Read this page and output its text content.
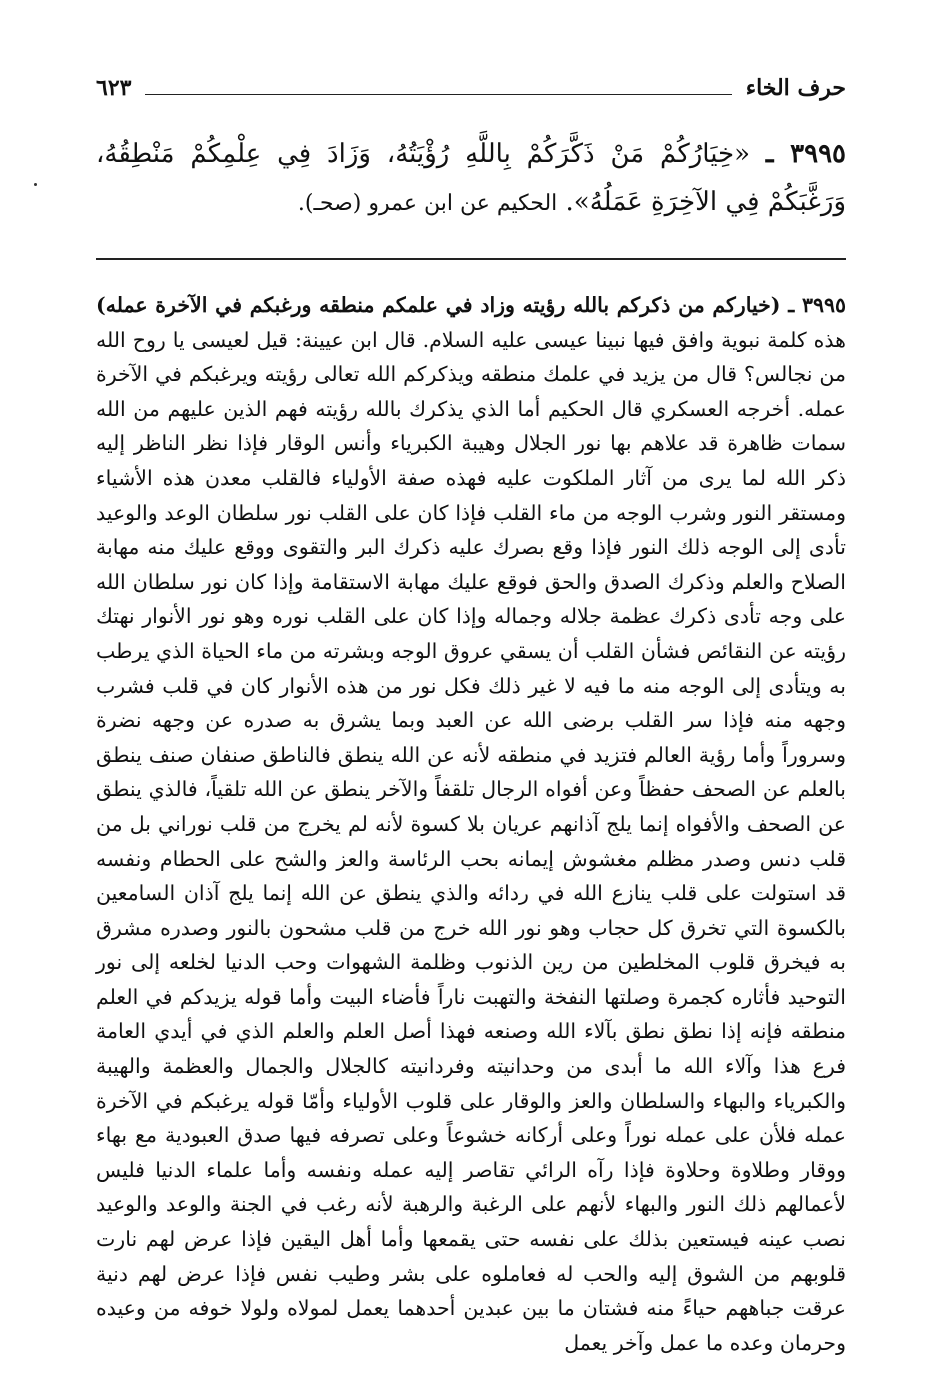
حرف الخاء
٦٢٣
٣٩٩٥ ـ «خِيَارُكُمْ مَنْ ذَكَّرَكُمْ بِاللَّهِ رُؤْيَتُهُ، وَزَادَ فِي عِلْمِكُمْ مَنْطِقُهُ، وَرَغَّبَكُمْ فِي الآخِرَةِ عَمَلُهُ». الحكيم عن ابن عمرو (صحـ).
٣٩٩٥ ـ (خياركم من ذكركم بالله رؤيته وزاد في علمكم منطقه ورغبكم في الآخرة عمله) هذه كلمة نبوية وافق فيها نبينا عيسى عليه السلام. قال ابن عيينة: قيل لعيسى يا روح الله من نجالس؟ قال من يزيد في علمك منطقه ويذكركم الله تعالى رؤيته ويرغبكم في الآخرة عمله. أخرجه العسكري قال الحكيم أما الذي يذكرك بالله رؤيته فهم الذين عليهم من الله سمات ظاهرة قد علاهم بها نور الجلال وهيبة الكبرياء وأنس الوقار فإذا نظر الناظر إليه ذكر الله لما يرى من آثار الملكوت عليه فهذه صفة الأولياء فالقلب معدن هذه الأشياء ومستقر النور وشرب الوجه من ماء القلب فإذا كان على القلب نور سلطان الوعد والوعيد تأدى إلى الوجه ذلك النور فإذا وقع بصرك عليه ذكرك البر والتقوى ووقع عليك منه مهابة الصلاح والعلم وذكرك الصدق والحق فوقع عليك مهابة الاستقامة وإذا كان نور سلطان الله على وجه تأدى ذكرك عظمة جلاله وجماله وإذا كان على القلب نوره وهو نور الأنوار نهتك رؤيته عن النقائص فشأن القلب أن يسقي عروق الوجه وبشرته من ماء الحياة الذي يرطب به ويتأدى إلى الوجه منه ما فيه لا غير ذلك فكل نور من هذه الأنوار كان في قلب فشرب وجهه منه فإذا سر القلب برضى الله عن العبد وبما يشرق به صدره عن وجهه نضرة وسروراً وأما رؤية العالم فتزيد في منطقه لأنه عن الله ينطق فالناطق صنفان صنف ينطق بالعلم عن الصحف حفظاً وعن أفواه الرجال تلقفاً والآخر ينطق عن الله تلقياً، فالذي ينطق عن الصحف والأفواه إنما يلج آذانهم عريان بلا كسوة لأنه لم يخرج من قلب نوراني بل من قلب دنس وصدر مظلم مغشوش إيمانه بحب الرئاسة والعز والشح على الحطام ونفسه قد استولت على قلب ينازع الله في ردائه والذي ينطق عن الله إنما يلج آذان السامعين بالكسوة التي تخرق كل حجاب وهو نور الله خرج من قلب مشحون بالنور وصدره مشرق به فيخرق قلوب المخلطين من رين الذنوب وظلمة الشهوات وحب الدنيا لخلعه إلى نور التوحيد فأثاره كجمرة وصلتها النفخة والتهبت ناراً فأضاء البيت وأما قوله يزيدكم في العلم منطقه فإنه إذا نطق نطق بآلاء الله وصنعه فهذا أصل العلم والعلم الذي في أيدي العامة فرع هذا وآلاء الله ما أبدى من وحدانيته وفردانيته كالجلال والجمال والعظمة والهيبة والكبرياء والبهاء والسلطان والعز والوقار على قلوب الأولياء وأمّا قوله يرغبكم في الآخرة عمله فلأن على عمله نوراً وعلى أركانه خشوعاً وعلى تصرفه فيها صدق العبودية مع بهاء ووقار وطلاوة وحلاوة فإذا رآه الرائي تقاصر إليه عمله ونفسه وأما علماء الدنيا فليس لأعمالهم ذلك النور والبهاء لأنهم على الرغبة والرهبة لأنه رغب في الجنة والوعد والوعيد نصب عينه فيستعين بذلك على نفسه حتى يقمعها وأما أهل اليقين فإذا عرض لهم نارت قلوبهم من الشوق إليه والحب له فعاملوه على بشر وطيب نفس فإذا عرض لهم دنية عرقت جباههم حياءً منه فشتان ما بين عبدين أحدهما يعمل لمولاه ولولا خوفه من وعيده وحرمان وعده ما عمل وآخر يعمل
